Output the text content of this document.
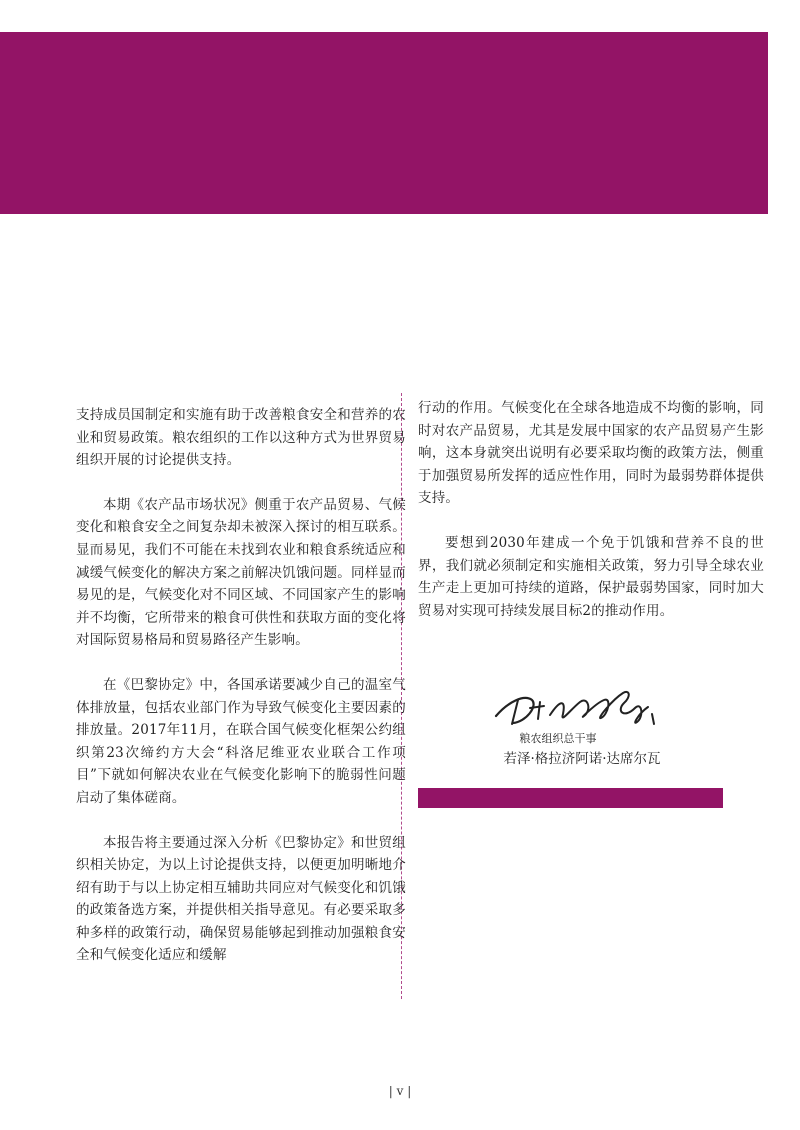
支持成员国制定和实施有助于改善粮食安全和营养的农业和贸易政策。粮农组织的工作以这种方式为世界贸易组织开展的讨论提供支持。

本期《农产品市场状况》侧重于农产品贸易、气候变化和粮食安全之间复杂却未被深入探讨的相互联系。显而易见，我们不可能在未找到农业和粮食系统适应和减缓气候变化的解决方案之前解决饥饿问题。同样显而易见的是，气候变化对不同区域、不同国家产生的影响并不均衡，它所带来的粮食可供性和获取方面的变化将对国际贸易格局和贸易路径产生影响。

在《巴黎协定》中，各国承诺要减少自己的温室气体排放量，包括农业部门作为导致气候变化主要因素的排放量。2017年11月，在联合国气候变化框架公约组织第23次缔约方大会“科洛尼维亚农业联合工作项目”下就如何解决农业在气候变化影响下的脆弱性问题启动了集体磋商。

本报告将主要通过深入分析《巴黎协定》和世贸组织相关协定，为以上讨论提供支持，以便更加明晰地介绍有助于与以上协定相互辅助共同应对气候变化和饥饿的政策备选方案，并提供相关指导意见。有必要采取多种多样的政策行动，确保贸易能够起到推动加强粮食安全和气候变化适应和缓解

行动的作用。气候变化在全球各地造成不均衡的影响，同时对农产品贸易，尤其是发展中国家的农产品贸易产生影响，这本身就突出说明有必要采取均衡的政策方法，侧重于加强贸易所发挥的适应性作用，同时为最弱势群体提供支持。

要想到2030年建成一个免于饥饿和营养不良的世界，我们就必须制定和实施相关政策，努力引导全球农业生产走上更加可持续的道路，保护最弱势国家，同时加大贸易对实现可持续发展目标2的推动作用。

粮农组织总干事
若泽·格拉济阿诺·达席尔瓦
| v |
